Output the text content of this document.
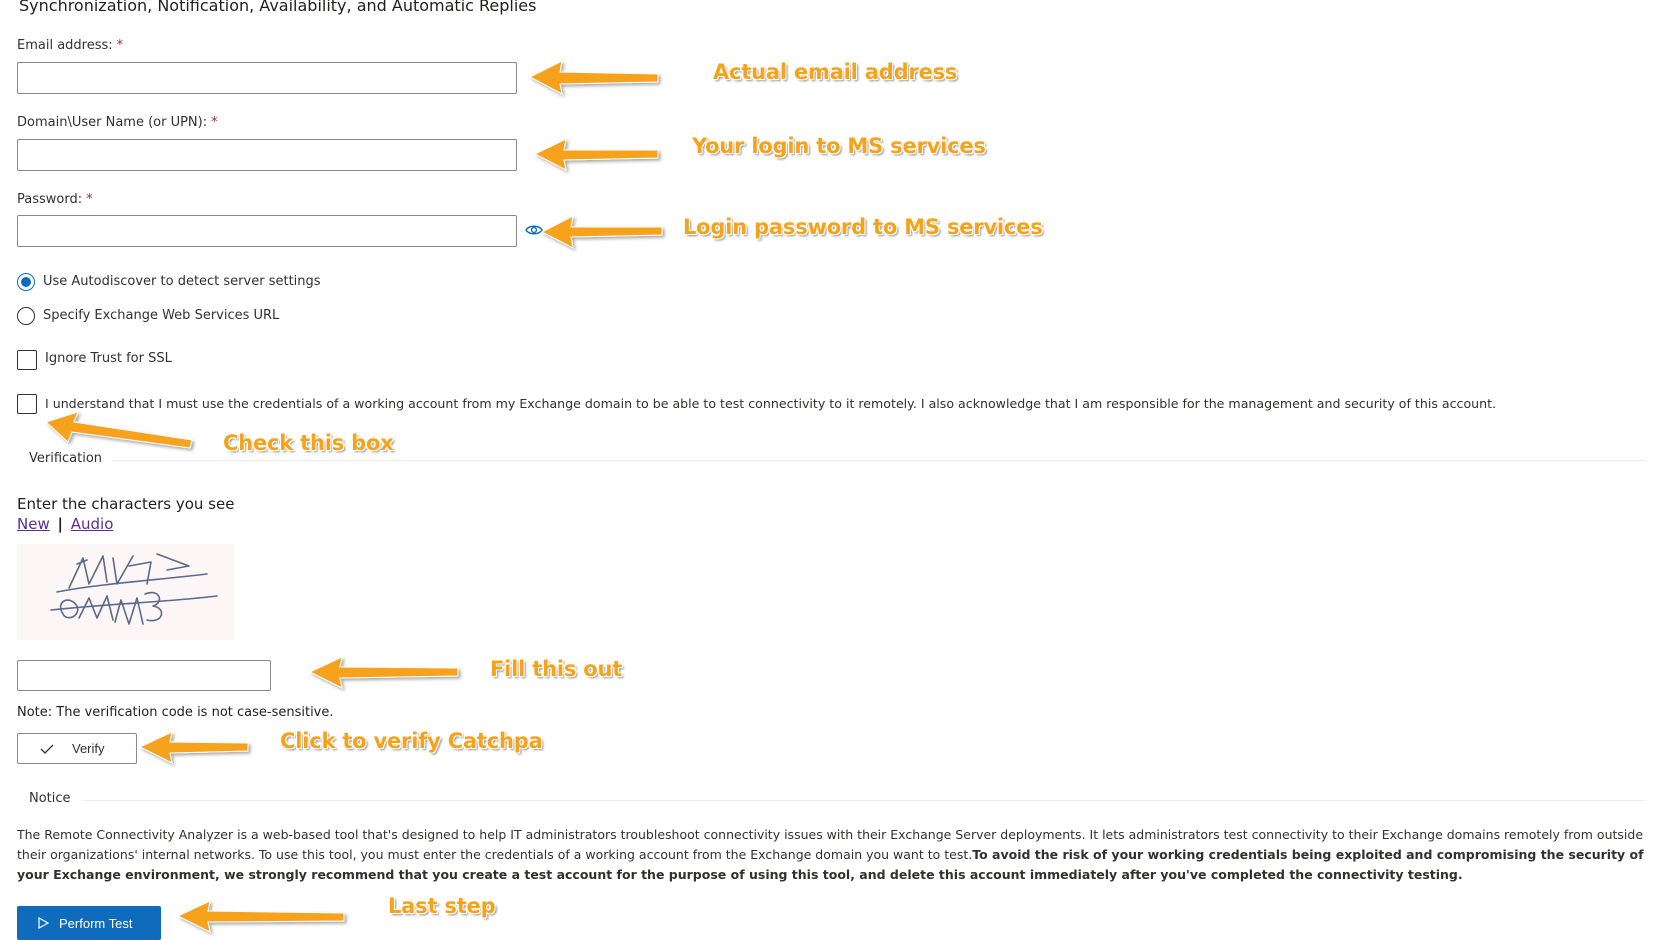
Synchronization, Notification, Availability, and Automatic Replies
Email address: *
Domain\User Name (or UPN): *
Password: *
Use Autodiscover to detect server settings
Specify Exchange Web Services URL
Ignore Trust for SSL
I understand that I must use the credentials of a working account from my Exchange domain to be able to test connectivity to it remotely. I also acknowledge that I am responsible for the management and security of this account.
Verification
Enter the characters you see
New | Audio
Note: The verification code is not case-sensitive.
Verify
Notice
The Remote Connectivity Analyzer is a web-based tool that's designed to help IT administrators troubleshoot connectivity issues with their Exchange Server deployments. It lets administrators test connectivity to their Exchange domains remotely from outside their organizations' internal networks. To use this tool, you must enter the credentials of a working account from the Exchange domain you want to test.To avoid the risk of your working credentials being exploited and compromising the security of your Exchange environment, we strongly recommend that you create a test account for the purpose of using this tool, and delete this account immediately after you've completed the connectivity testing.
Perform Test
Actual email address
Your login to MS services
Login password to MS services
Check this box
Fill this out
Click to verify Catchpa
Last step
